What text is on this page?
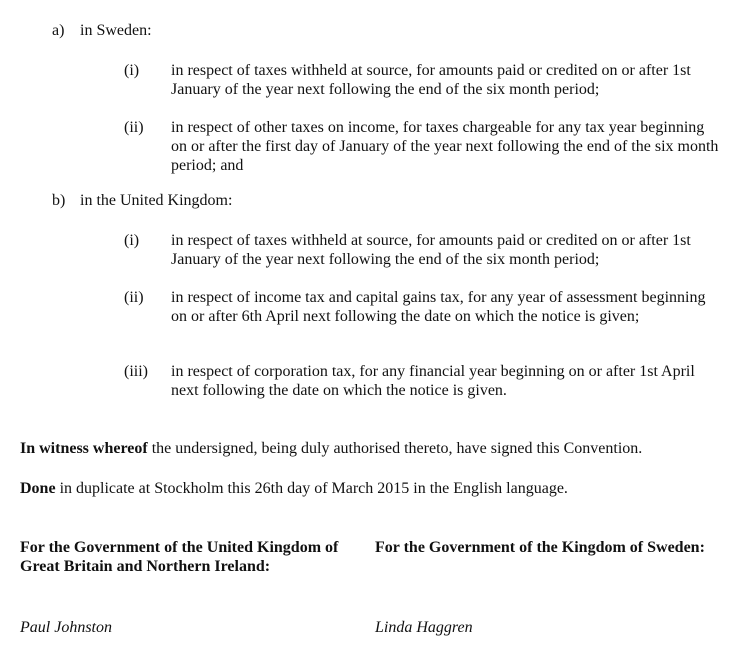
a) in Sweden:
(i) in respect of taxes withheld at source, for amounts paid or credited on or after 1st January of the year next following the end of the six month period;
(ii) in respect of other taxes on income, for taxes chargeable for any tax year beginning on or after the first day of January of the year next following the end of the six month period; and
b) in the United Kingdom:
(i) in respect of taxes withheld at source, for amounts paid or credited on or after 1st January of the year next following the end of the six month period;
(ii) in respect of income tax and capital gains tax, for any year of assessment beginning on or after 6th April next following the date on which the notice is given;
(iii) in respect of corporation tax, for any financial year beginning on or after 1st April next following the date on which the notice is given.
In witness whereof the undersigned, being duly authorised thereto, have signed this Convention.
Done in duplicate at Stockholm this 26th day of March 2015 in the English language.
For the Government of the United Kingdom of Great Britain and Northern Ireland:
For the Government of the Kingdom of Sweden:
Paul Johnston	Linda Haggren
